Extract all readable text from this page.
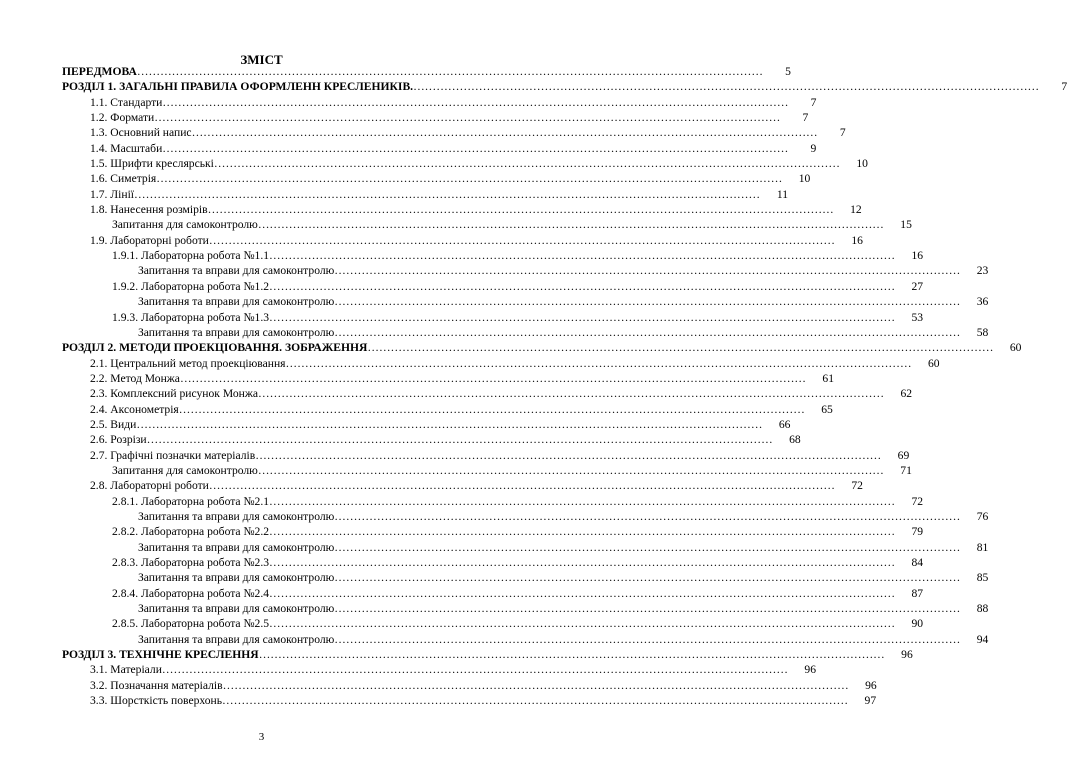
ЗМІСТ
ПЕРЕДМОВА ………………………………………………………………………………………………………………………………………………	5
РОЗДІЛ 1. ЗАГАЛЬНІ ПРАВИЛА ОФОРМЛЕНН КРЕСЛЕНИКІВ. ………………………………………………………………………………………………………………………………………………	7
1.1. Стандарти ………………………………………………………………………………………………………………………………………………	7
1.2. Формати ………………………………………………………………………………………………………………………………………………	7
1.3. Основний напис ………………………………………………………………………………………………………………………………………………	7
1.4. Масштаби ………………………………………………………………………………………………………………………………………………	9
1.5. Шрифти креслярські ………………………………………………………………………………………………………………………………………………	10
1.6. Симетрія ………………………………………………………………………………………………………………………………………………	10
1.7. Лінії ………………………………………………………………………………………………………………………………………………	11
1.8. Нанесення розмірів ………………………………………………………………………………………………………………………………………………	12
Запитання для самоконтролю ………………………………………………………………………………………………………………………………………………	15
1.9. Лабораторні роботи ………………………………………………………………………………………………………………………………………………	16
1.9.1. Лабораторна робота №1.1 ………………………………………………………………………………………………………………………………………………	16
Запитання та вправи для самоконтролю ………………………………………………………………………………………………………………………………………………	23
1.9.2. Лабораторна робота №1.2 ………………………………………………………………………………………………………………………………………………	27
Запитання та вправи для самоконтролю ………………………………………………………………………………………………………………………………………………	36
1.9.3. Лабораторна робота №1.3 ………………………………………………………………………………………………………………………………………………	53
Запитання та вправи для самоконтролю ………………………………………………………………………………………………………………………………………………	58
РОЗДІЛ 2. МЕТОДИ ПРОЕКЦІОВАННЯ. ЗОБРАЖЕННЯ ………………………………………………………………………………………………………………………………………………	60
2.1. Центральний метод проекціювання ………………………………………………………………………………………………………………………………………………	60
2.2. Метод Монжа ………………………………………………………………………………………………………………………………………………	61
2.3. Комплексний рисунок Монжа ………………………………………………………………………………………………………………………………………………	62
2.4. Аксонометрія ………………………………………………………………………………………………………………………………………………	65
2.5. Види ………………………………………………………………………………………………………………………………………………	66
2.6. Розрізи ………………………………………………………………………………………………………………………………………………	68
2.7. Графічні позначки матеріалів ………………………………………………………………………………………………………………………………………………	69
Запитання для самоконтролю ………………………………………………………………………………………………………………………………………………	71
2.8. Лабораторні роботи ………………………………………………………………………………………………………………………………………………	72
2.8.1. Лабораторна робота №2.1 ………………………………………………………………………………………………………………………………………………	72
Запитання та вправи для самоконтролю ………………………………………………………………………………………………………………………………………………	76
2.8.2. Лабораторна робота №2.2 ………………………………………………………………………………………………………………………………………………	79
Запитання та вправи для самоконтролю ………………………………………………………………………………………………………………………………………………	81
2.8.3. Лабораторна робота №2.3 ………………………………………………………………………………………………………………………………………………	84
Запитання та вправи для самоконтролю ………………………………………………………………………………………………………………………………………………	85
2.8.4. Лабораторна робота №2.4 ………………………………………………………………………………………………………………………………………………	87
Запитання та вправи для самоконтролю ………………………………………………………………………………………………………………………………………………	88
2.8.5. Лабораторна робота №2.5 ………………………………………………………………………………………………………………………………………………	90
Запитання та вправи для самоконтролю ………………………………………………………………………………………………………………………………………………	94
РОЗДІЛ 3. ТЕХНІЧНЕ КРЕСЛЕННЯ ………………………………………………………………………………………………………………………………………………	96
3.1. Матеріали ………………………………………………………………………………………………………………………………………………	96
3.2. Позначання матеріалів ………………………………………………………………………………………………………………………………………………	96
3.3. Шорсткість поверхонь ………………………………………………………………………………………………………………………………………………	97
3
